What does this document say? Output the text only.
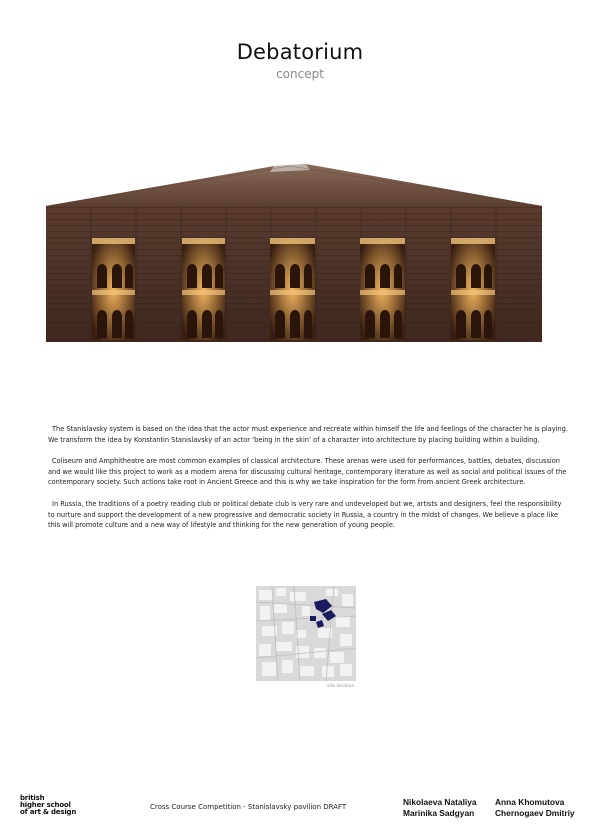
Debatorium
concept

The Stanislavsky system is based on the idea that the actor must experience and recreate within himself the life and feelings of the character he is playing. We transform the idea by Konstantin Stanislavsky of an actor ‘being in the skin’ of a character into architecture by placing building within a building.

Coliseum and Amphitheatre are most common examples of classical architecture. These arenas were used for performances, battles, debates, discussion and we would like this project to work as a modern arena for discussing cultural heritage, contemporary literature as well as social and political issues of the contemporary society. Such actions take root in Ancient Greece and this is why we take inspiration for the form from ancient Greek architecture.

In Russia, the traditions of a poetry reading club or political debate club is very rare and undeveloped but we, artists and designers, feel the responsibility to nurture and support the development of a new progressive and democratic society in Russia, a country in the midst of changes. We believe a place like this will promote culture and a new way of lifestyle and thinking for the new generation of young people.

site location
british
higher school
of art & design
Cross Course Competition - Stanislavsky pavilion DRAFT	Nikolaeva Nataliya
Marinika Sadgyan
Anna Khomutova
Chernogaev Dmitriy
